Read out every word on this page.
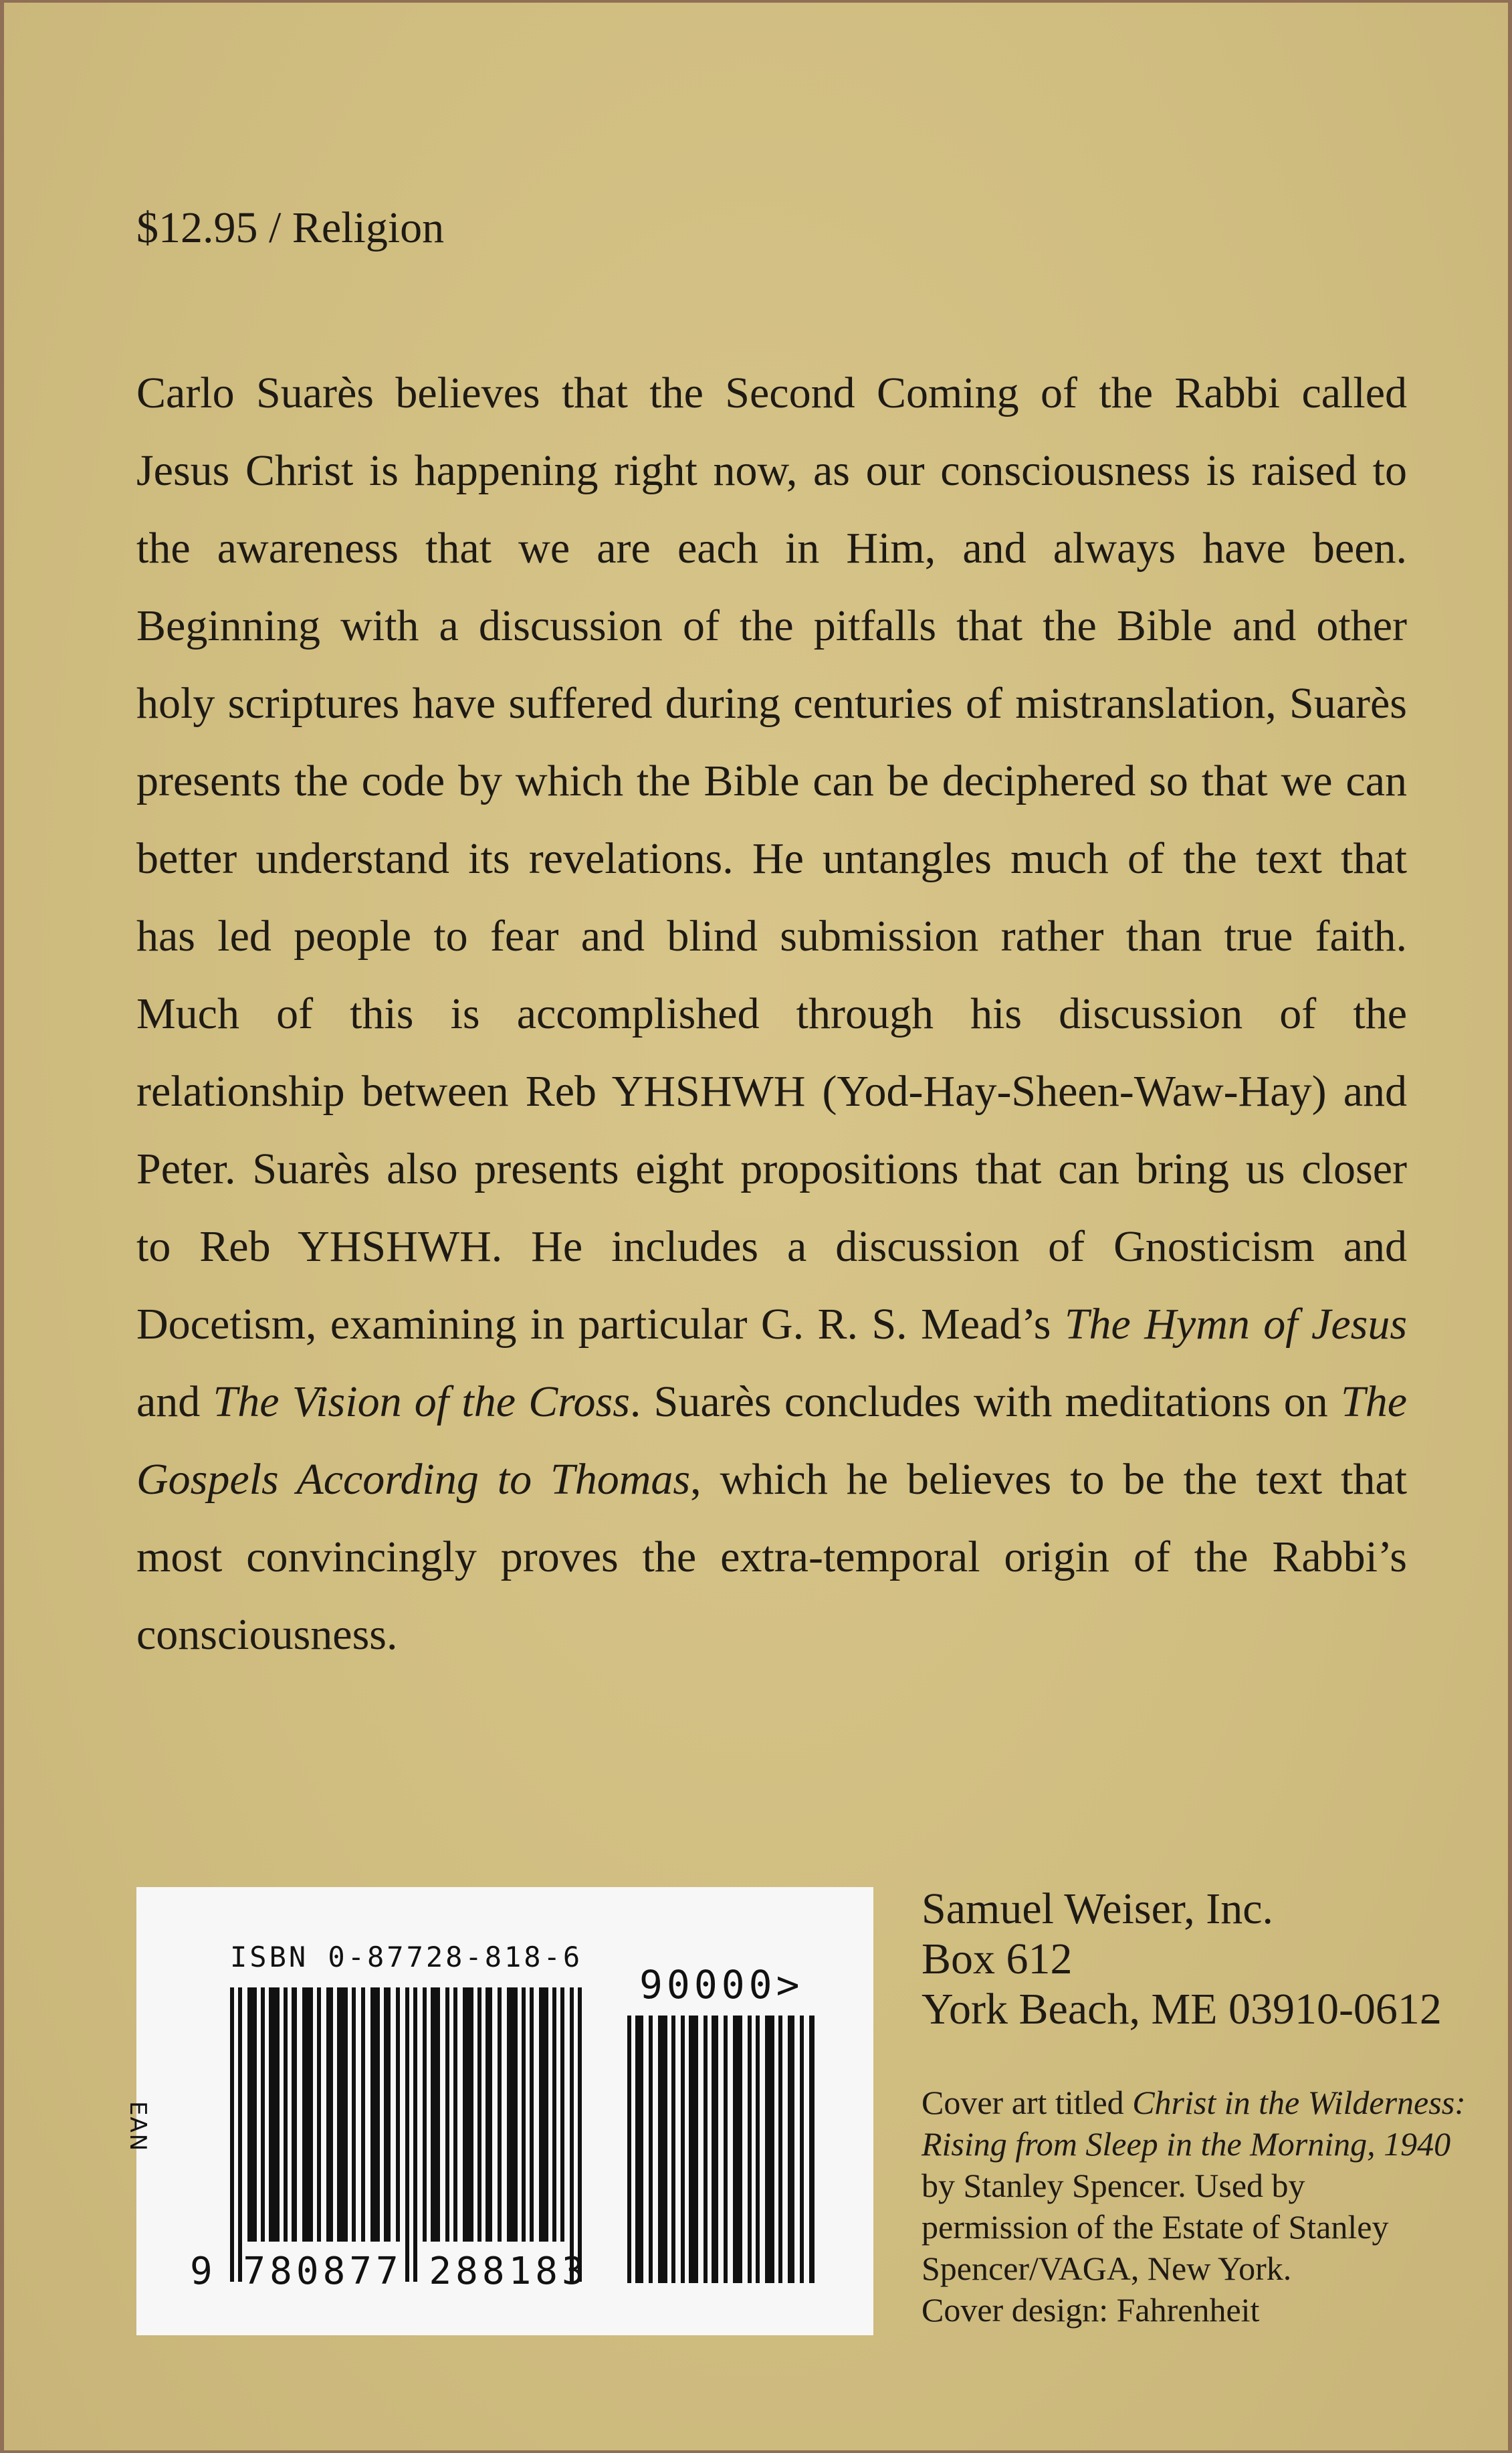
$12.95 / Religion

Carlo Suarès believes that the Second Coming of the Rabbi called Jesus Christ is happening right now, as our consciousness is raised to the awareness that we are each in Him, and always have been. Beginning with a discussion of the pitfalls that the Bible and other holy scriptures have suffered during centuries of mistranslation, Suarès presents the code by which the Bible can be deciphered so that we can better understand its revelations. He untangles much of the text that has led people to fear and blind submission rather than true faith. Much of this is accomplished through his discussion of the relationship between Reb YHSHWH (Yod-Hay-Sheen-Waw-Hay) and Peter. Suarès also presents eight propositions that can bring us closer to Reb YHSHWH. He includes a discussion of Gnosticism and Docetism, examining in particular G. R. S. Mead’s The Hymn of Jesus and The Vision of the Cross. Suarès concludes with meditations on The Gospels According to Thomas, which he believes to be the text that most convincingly proves the extra-temporal origin of the Rabbi’s consciousness.

ISBN 0-87728-818-6
EAN
90000>
9 780877 288183
Samuel Weiser, Inc.
Box 612
York Beach, ME 03910-0612
Cover art titled Christ in the Wilderness:
Rising from Sleep in the Morning, 1940
by Stanley Spencer. Used by
permission of the Estate of Stanley
Spencer/VAGA, New York.
Cover design: Fahrenheit
